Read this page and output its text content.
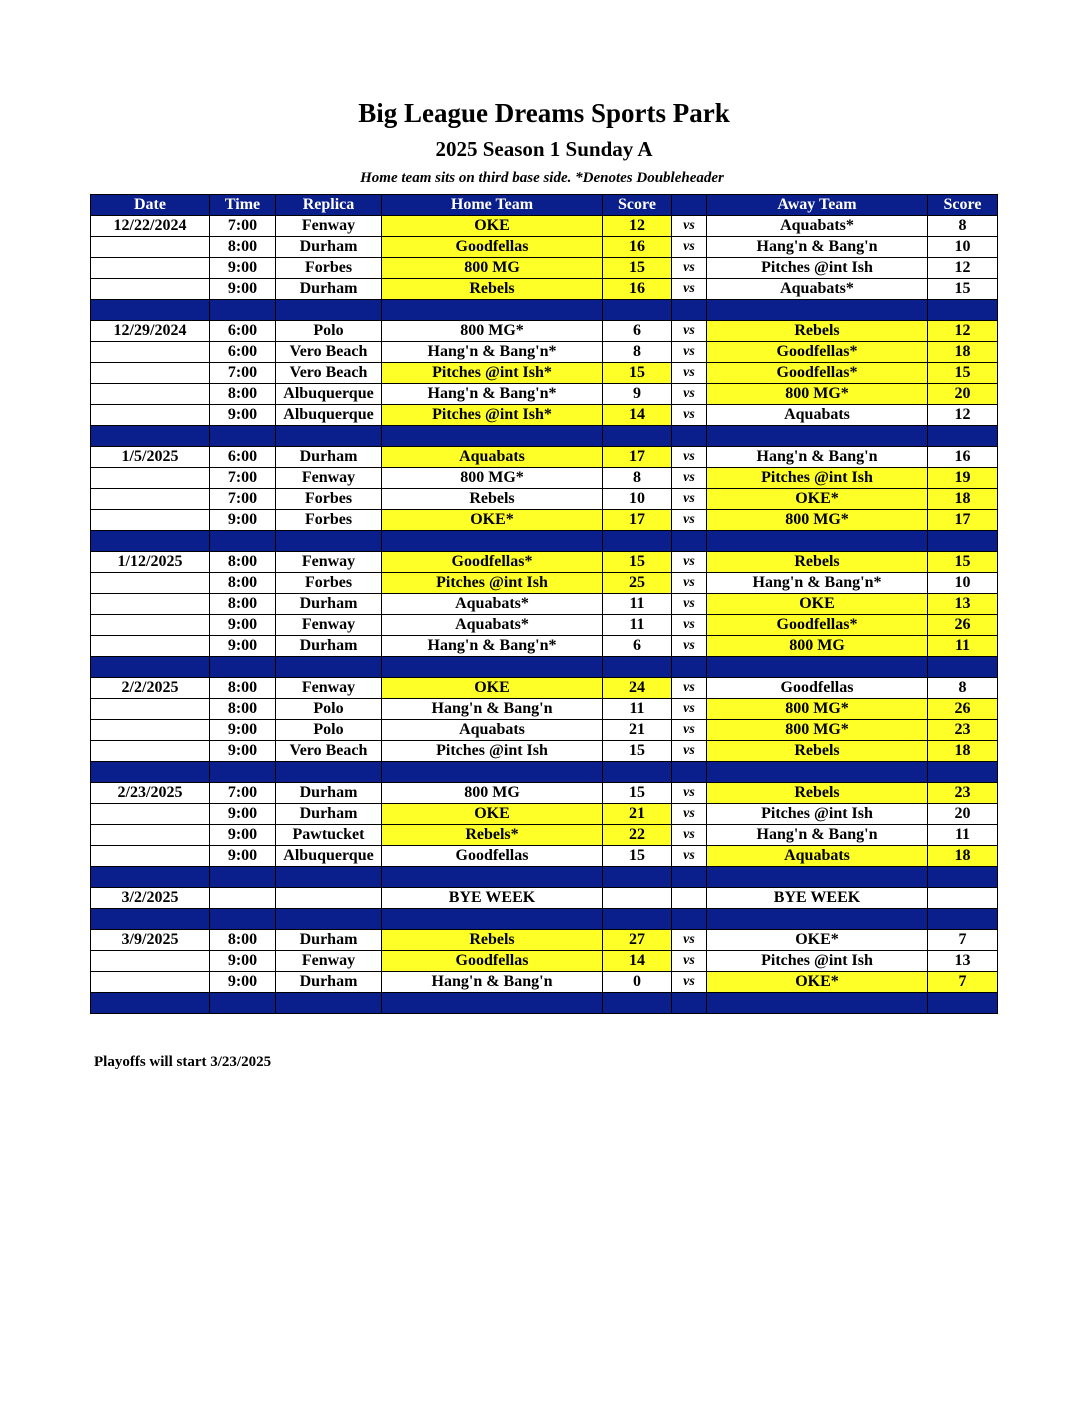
Big League Dreams Sports Park
2025 Season 1 Sunday A
Home team sits on third base side. *Denotes Doubleheader
Date	Time	Replica	Home Team	Score		Away Team	Score
12/22/2024	7:00	Fenway	OKE	12	vs	Aquabats*	8
	8:00	Durham	Goodfellas	16	vs	Hang'n & Bang'n	10
	9:00	Forbes	800 MG	15	vs	Pitches @int Ish	12
	9:00	Durham	Rebels	16	vs	Aquabats*	15

12/29/2024	6:00	Polo	800 MG*	6	vs	Rebels	12
	6:00	Vero Beach	Hang'n & Bang'n*	8	vs	Goodfellas*	18
	7:00	Vero Beach	Pitches @int Ish*	15	vs	Goodfellas*	15
	8:00	Albuquerque	Hang'n & Bang'n*	9	vs	800 MG*	20
	9:00	Albuquerque	Pitches @int Ish*	14	vs	Aquabats	12

1/5/2025	6:00	Durham	Aquabats	17	vs	Hang'n & Bang'n	16
	7:00	Fenway	800 MG*	8	vs	Pitches @int Ish	19
	7:00	Forbes	Rebels	10	vs	OKE*	18
	9:00	Forbes	OKE*	17	vs	800 MG*	17

1/12/2025	8:00	Fenway	Goodfellas*	15	vs	Rebels	15
	8:00	Forbes	Pitches @int Ish	25	vs	Hang'n & Bang'n*	10
	8:00	Durham	Aquabats*	11	vs	OKE	13
	9:00	Fenway	Aquabats*	11	vs	Goodfellas*	26
	9:00	Durham	Hang'n & Bang'n*	6	vs	800 MG	11

2/2/2025	8:00	Fenway	OKE	24	vs	Goodfellas	8
	8:00	Polo	Hang'n & Bang'n	11	vs	800 MG*	26
	9:00	Polo	Aquabats	21	vs	800 MG*	23
	9:00	Vero Beach	Pitches @int Ish	15	vs	Rebels	18

2/23/2025	7:00	Durham	800 MG	15	vs	Rebels	23
	9:00	Durham	OKE	21	vs	Pitches @int Ish	20
	9:00	Pawtucket	Rebels*	22	vs	Hang'n & Bang'n	11
	9:00	Albuquerque	Goodfellas	15	vs	Aquabats	18

3/2/2025			BYE WEEK			BYE WEEK	

3/9/2025	8:00	Durham	Rebels	27	vs	OKE*	7
	9:00	Fenway	Goodfellas	14	vs	Pitches @int Ish	13
	9:00	Durham	Hang'n & Bang'n	0	vs	OKE*	7

Playoffs will start 3/23/2025
